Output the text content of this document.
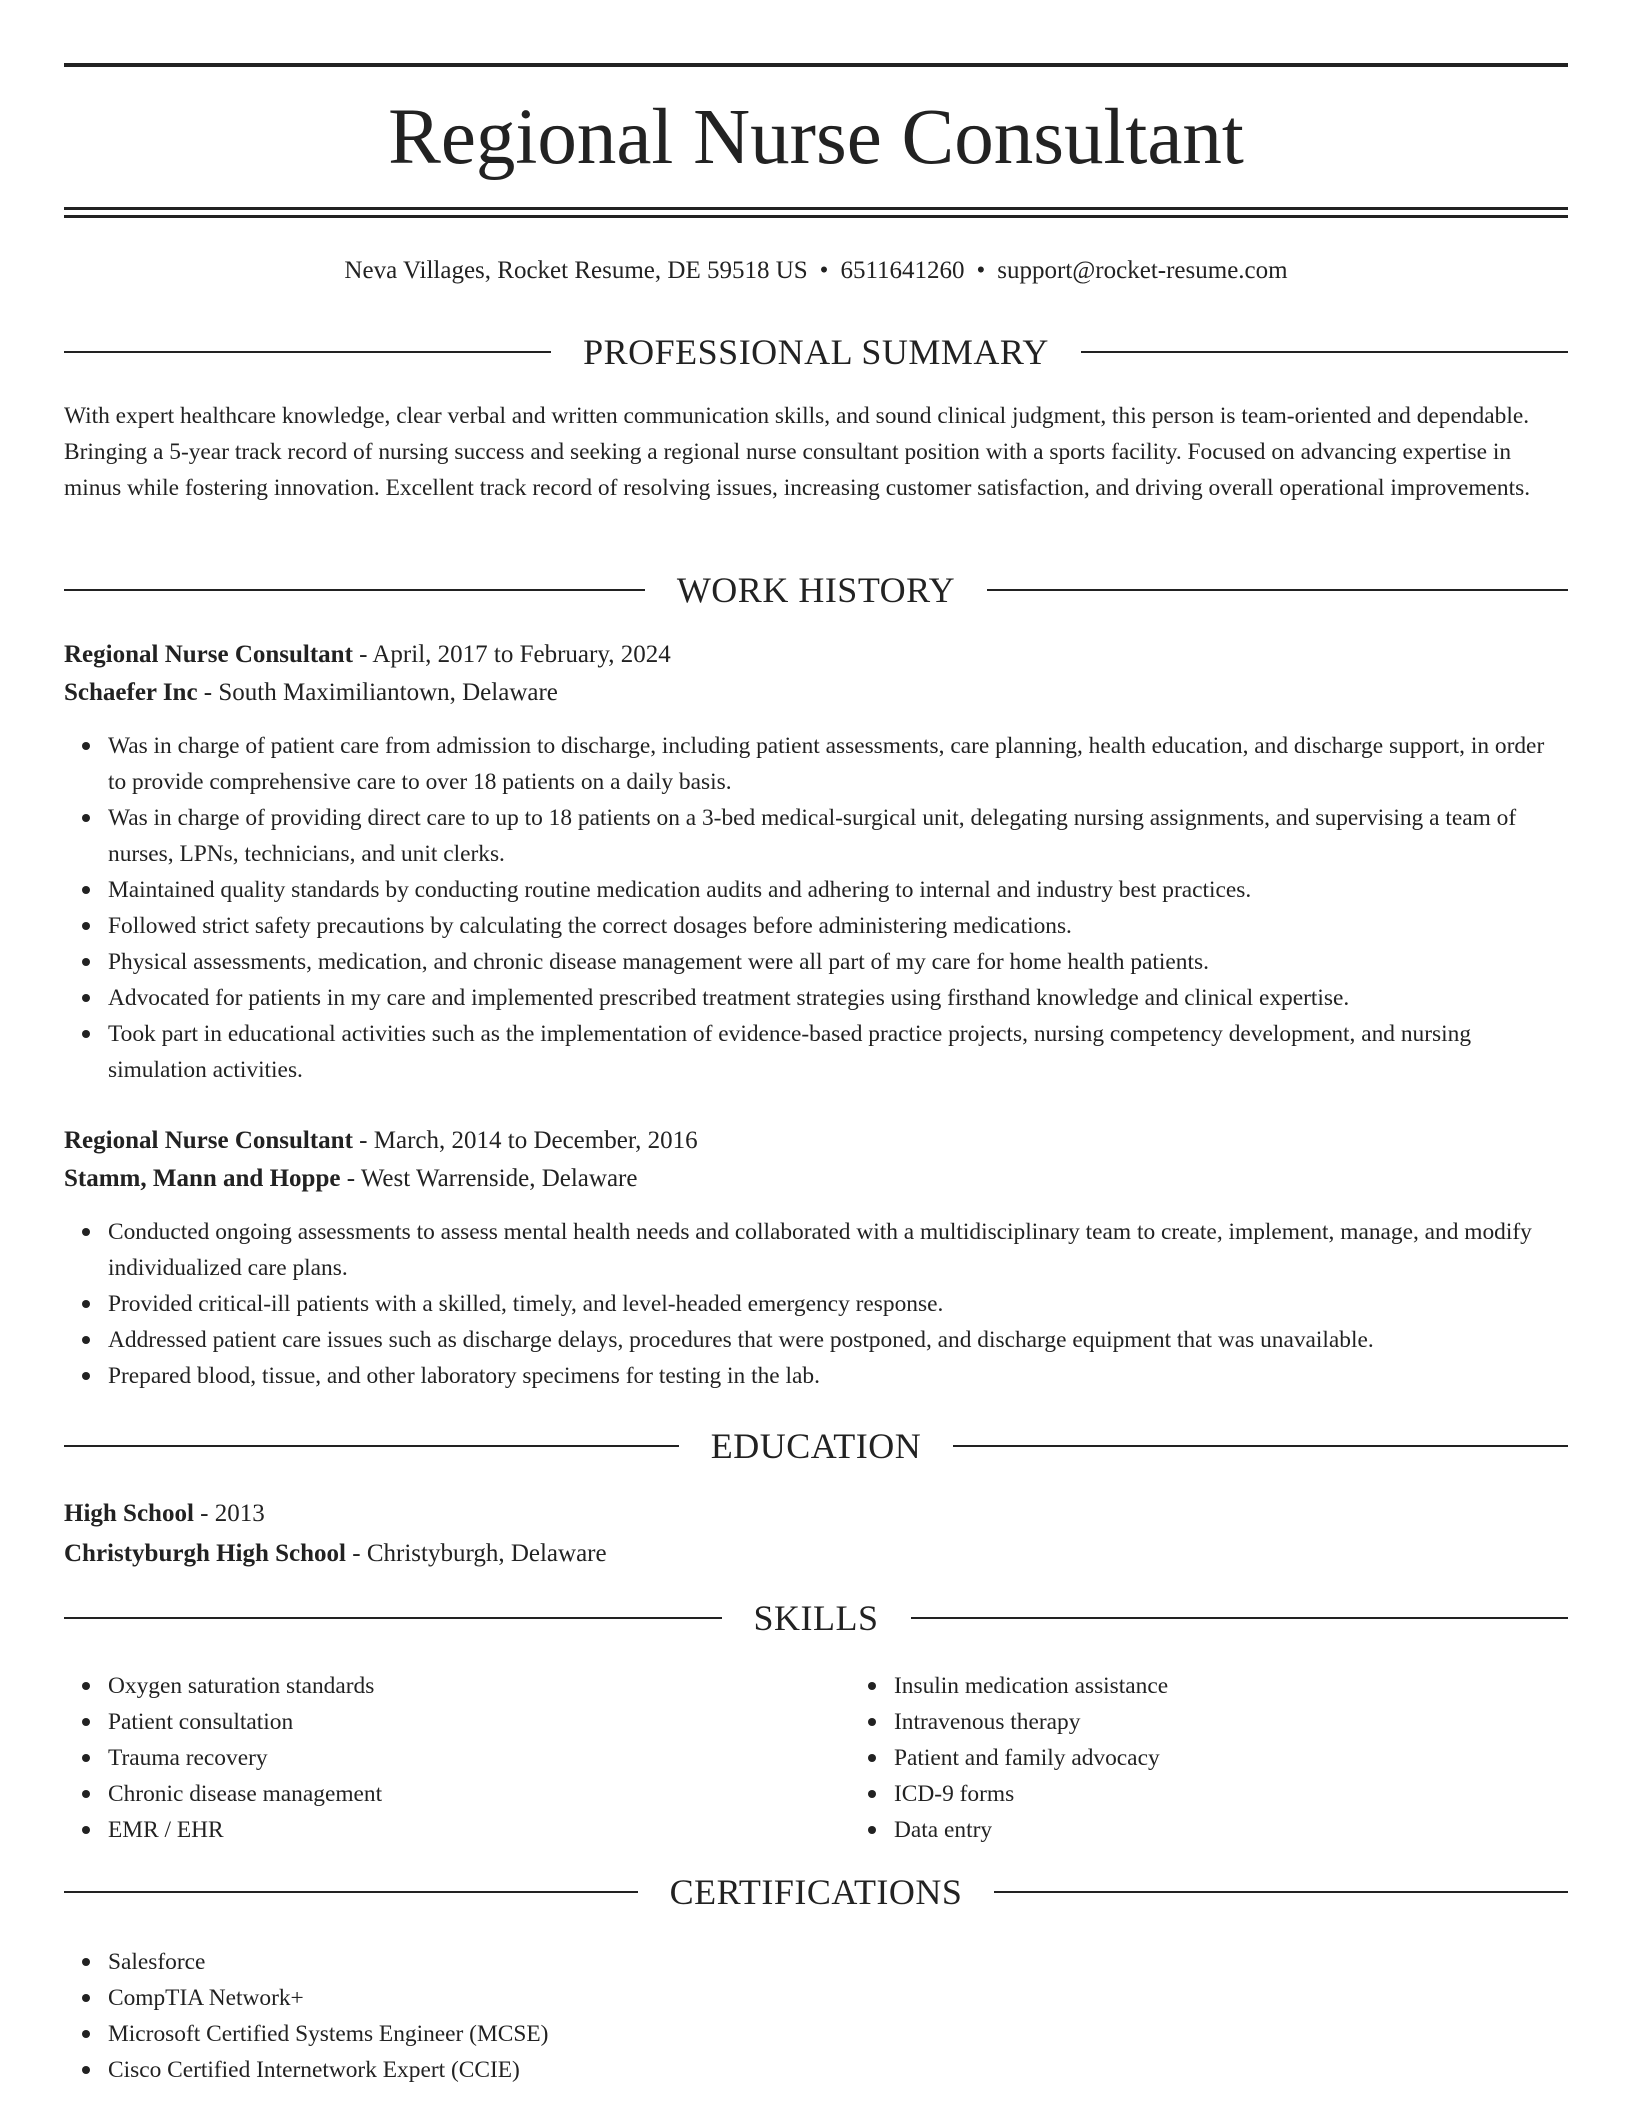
Regional Nurse Consultant
Neva Villages, Rocket Resume, DE 59518 US • 6511641260 • support@rocket-resume.com
PROFESSIONAL SUMMARY

With expert healthcare knowledge, clear verbal and written communication skills, and sound clinical judgment, this person is team-oriented and dependable. Bringing a 5-year track record of nursing success and seeking a regional nurse consultant position with a sports facility. Focused on advancing expertise in minus while fostering innovation. Excellent track record of resolving issues, increasing customer satisfaction, and driving overall operational improvements.

WORK HISTORY

Regional Nurse Consultant - April, 2017 to February, 2024

Schaefer Inc - South Maximiliantown, Delaware

Was in charge of patient care from admission to discharge, including patient assessments, care planning, health education, and discharge support, in order to provide comprehensive care to over 18 patients on a daily basis.
Was in charge of providing direct care to up to 18 patients on a 3-bed medical-surgical unit, delegating nursing assignments, and supervising a team of nurses, LPNs, technicians, and unit clerks.
Maintained quality standards by conducting routine medication audits and adhering to internal and industry best practices.
Followed strict safety precautions by calculating the correct dosages before administering medications.
Physical assessments, medication, and chronic disease management were all part of my care for home health patients.
Advocated for patients in my care and implemented prescribed treatment strategies using firsthand knowledge and clinical expertise.
Took part in educational activities such as the implementation of evidence-based practice projects, nursing competency development, and nursing simulation activities.

Regional Nurse Consultant - March, 2014 to December, 2016

Stamm, Mann and Hoppe - West Warrenside, Delaware

Conducted ongoing assessments to assess mental health needs and collaborated with a multidisciplinary team to create, implement, manage, and modify individualized care plans.
Provided critical-ill patients with a skilled, timely, and level-headed emergency response.
Addressed patient care issues such as discharge delays, procedures that were postponed, and discharge equipment that was unavailable.
Prepared blood, tissue, and other laboratory specimens for testing in the lab.
EDUCATION

High School - 2013

Christyburgh High School - Christyburgh, Delaware

SKILLS
Oxygen saturation standards
Patient consultation
Trauma recovery
Chronic disease management
EMR / EHR
Insulin medication assistance
Intravenous therapy
Patient and family advocacy
ICD-9 forms
Data entry
CERTIFICATIONS
Salesforce
CompTIA Network+
Microsoft Certified Systems Engineer (MCSE)
Cisco Certified Internetwork Expert (CCIE)
